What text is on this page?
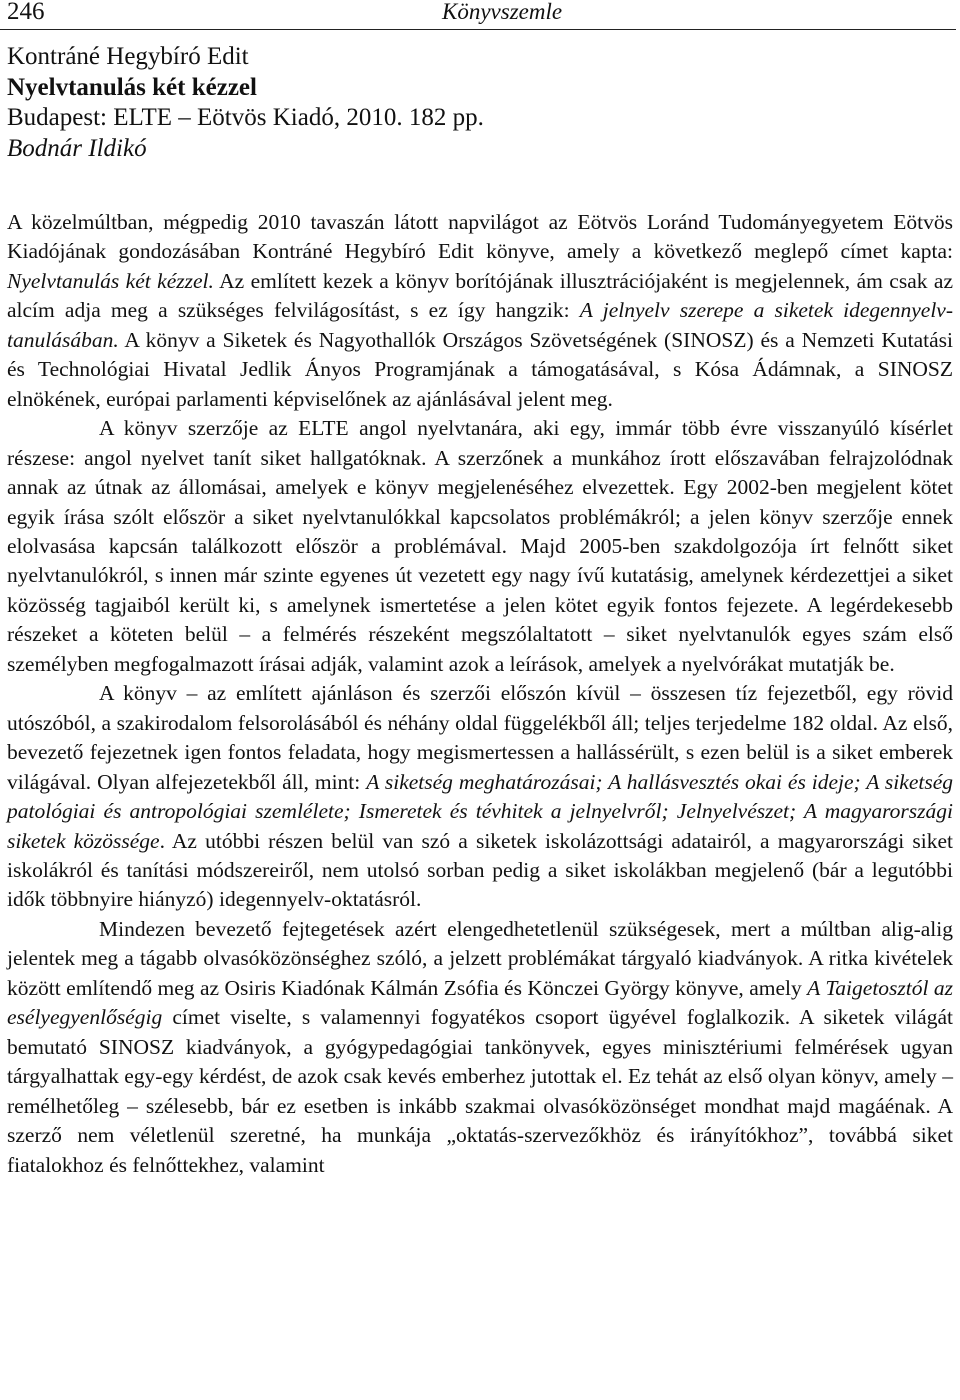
246	Könyvszemle
Kontráné Hegybíró Edit
Nyelvtanulás két kézzel
Budapest: ELTE – Eötvös Kiadó, 2010. 182 pp.
Bodnár Ildikó

A közelmúltban, mégpedig 2010 tavaszán látott napvilágot az Eötvös Loránd Tudományegyetem Eötvös Kiadójának gondozásában Kontráné Hegybíró Edit könyve, amely a következő meglepő címet kapta: Nyelvtanulás két kézzel. Az említett kezek a könyv borítójának illusztrációjaként is megjelennek, ám csak az alcím adja meg a szükséges felvilágosítást, s ez így hangzik: A jelnyelv szerepe a siketek idegennyelv-tanulásában. A könyv a Siketek és Nagyothallók Országos Szövetségének (SINOSZ) és a Nemzeti Kutatási és Technológiai Hivatal Jedlik Ányos Programjának a támogatásával, s Kósa Ádámnak, a SINOSZ elnökének, európai parlamenti képviselőnek az ajánlásával jelent meg.

A könyv szerzője az ELTE angol nyelvtanára, aki egy, immár több évre visszanyúló kísérlet részese: angol nyelvet tanít siket hallgatóknak. A szerzőnek a munkához írott előszavában felrajzolódnak annak az útnak az állomásai, amelyek e könyv megjelenéséhez elvezettek. Egy 2002-ben megjelent kötet egyik írása szólt először a siket nyelvtanulókkal kapcsolatos problémákról; a jelen könyv szerzője ennek elolvasása kapcsán találkozott először a problémával. Majd 2005-ben szakdolgozója írt felnőtt siket nyelvtanulókról, s innen már szinte egyenes út vezetett egy nagy ívű kutatásig, amelynek kérdezettjei a siket közösség tagjaiból került ki, s amelynek ismertetése a jelen kötet egyik fontos fejezete. A legérdekesebb részeket a köteten belül – a felmérés részeként megszólaltatott – siket nyelvtanulók egyes szám első személyben megfogalmazott írásai adják, valamint azok a leírások, amelyek a nyelvórákat mutatják be.

A könyv – az említett ajánláson és szerzői előszón kívül – összesen tíz fejezetből, egy rövid utószóból, a szakirodalom felsorolásából és néhány oldal függelékből áll; teljes terjedelme 182 oldal. Az első, bevezető fejezetnek igen fontos feladata, hogy megismertessen a hallássérült, s ezen belül is a siket emberek világával. Olyan alfejezetekből áll, mint: A siketség meghatározásai; A hallásvesztés okai és ideje; A siketség patológiai és antropológiai szemlélete; Ismeretek és tévhitek a jelnyelvről; Jelnyelvészet; A magyarországi siketek közössége. Az utóbbi részen belül van szó a siketek iskolázottsági adatairól, a magyarországi siket iskolákról és tanítási módszereiről, nem utolsó sorban pedig a siket iskolákban megjelenő (bár a legutóbbi idők többnyire hiányzó) idegennyelv-oktatásról.

Mindezen bevezető fejtegetések azért elengedhetetlenül szükségesek, mert a múltban alig-alig jelentek meg a tágabb olvasóközönséghez szóló, a jelzett problémákat tárgyaló kiadványok. A ritka kivételek között említendő meg az Osiris Kiadónak Kálmán Zsófia és Könczei György könyve, amely A Taigetosztól az esélyegyenlőségig címet viselte, s valamennyi fogyatékos csoport ügyével foglalkozik. A siketek világát bemutató SINOSZ kiadványok, a gyógypedagógiai tankönyvek, egyes minisztériumi felmérések ugyan tárgyalhattak egy-egy kérdést, de azok csak kevés emberhez jutottak el. Ez tehát az első olyan könyv, amely – remélhetőleg – szélesebb, bár ez esetben is inkább szakmai olvasóközönséget mondhat majd magáénak. A szerző nem véletlenül szeretné, ha munkája „oktatás-szervezőkhöz és irányítókhoz”, továbbá siket fiatalokhoz és felnőttekhez, valamint
